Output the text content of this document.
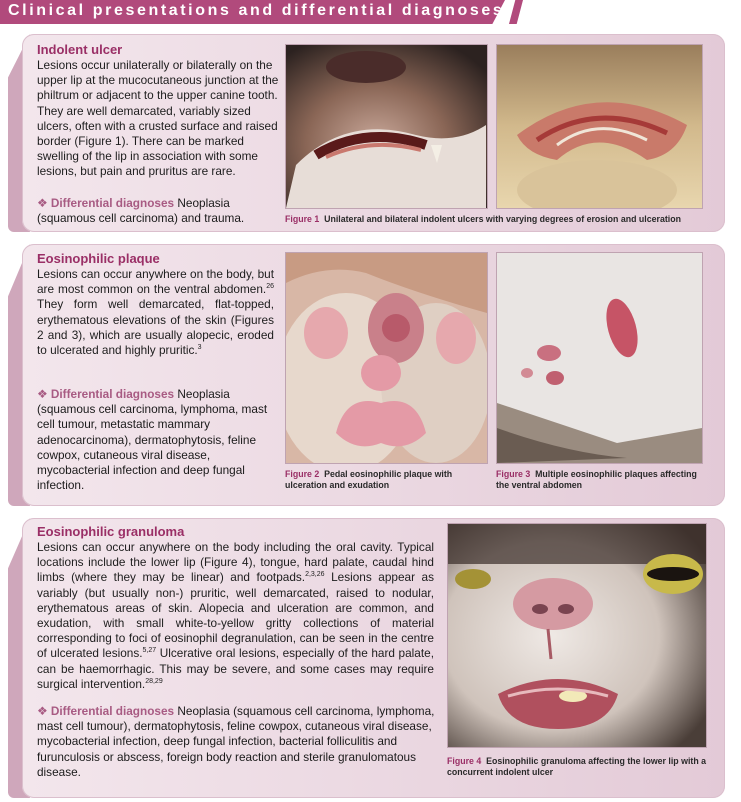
Clinical presentations and differential diagnoses

Indolent ulcer

Lesions occur unilaterally or bilaterally on the upper lip at the mucocutaneous junction at the philtrum or adjacent to the upper canine tooth. They are well demarcated, variably sized ulcers, often with a crusted surface and raised border (Figure 1). There can be marked swelling of the lip in association with some lesions, but pain and pruritus are rare.

❖ Differential diagnoses Neoplasia (squamous cell carcinoma) and trauma.	Figure 1 Unilateral and bilateral indolent ulcers with varying degrees of erosion and ulceration

Eosinophilic plaque

Lesions can occur anywhere on the body, but are most common on the ventral abdomen.$^{26}$ They form well demarcated, flat-topped, erythematous elevations of the skin (Figures 2 and 3), which are usually alopecic, eroded to ulcerated and highly pruritic.$^3$

❖ Differential diagnoses Neoplasia (squamous cell carcinoma, lymphoma, mast cell tumour, metastatic mammary adenocarcinoma), dermatophytosis, feline cowpox, cutaneous viral disease, mycobacterial infection and deep fungal infection.

Figure 2 Pedal eosinophilic plaque with ulceration and exudation

Figure 3 Multiple eosinophilic plaques affecting the ventral abdomen

Eosinophilic granuloma

Lesions can occur anywhere on the body including the oral cavity. Typical locations include the lower lip (Figure 4), tongue, hard palate, caudal hind limbs (where they may be linear) and footpads.$^{2,3,26}$ Lesions appear as variably (but usually non-) pruritic, well demarcated, raised to nodular, erythematous areas of skin. Alopecia and ulceration are common, and exudation, with small white-to-yellow gritty collections of material corresponding to foci of eosinophil degranulation, can be seen in the centre of ulcerated lesions.$^{5,27}$ Ulcerative oral lesions, especially of the hard palate, can be haemorrhagic. This may be severe, and some cases may require surgical intervention.$^{28,29}$

❖ Differential diagnoses Neoplasia (squamous cell carcinoma, lymphoma, mast cell tumour), dermatophytosis, feline cowpox, cutaneous viral disease, mycobacterial infection, deep fungal infection, bacterial folliculitis and furunculosis or abscess, foreign body reaction and sterile granulomatous disease.

Figure 4 Eosinophilic granuloma affecting the lower lip with a concurrent indolent ulcer
